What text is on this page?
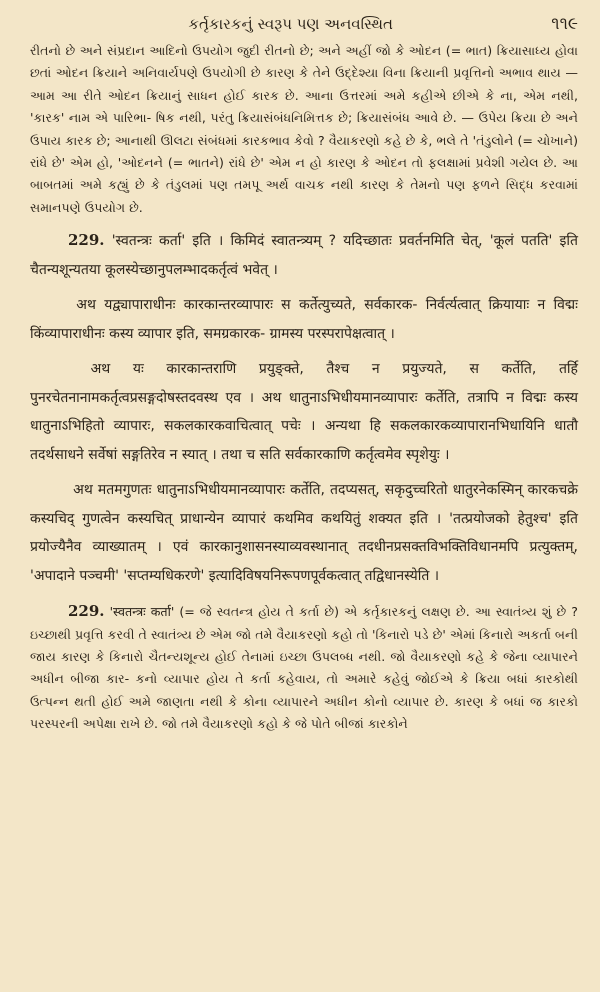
કર્તૃકારકનું સ્વરૂપ પણ અનવસ્થિત	૧૧૯

રીતનો છે અને સંપ્રદાન આદિનો ઉપયોગ જુદી રીતનો છે; અને અહીં જો કે ઓદન (= ભાત) ક્રિયાસાધ્ય હોવા છતાં ઓદન ક્રિયાને અનિવાર્યપણે ઉપયોગી છે કારણ કે તેને ઉદ્દેશ્યા વિના ક્રિયાની પ્રવૃત્તિનો અભાવ થાય — આમ આ રીતે ઓદન ક્રિયાનું સાધન હોઈ કારક છે. આના ઉત્તરમાં અમે કહીએ છીએ કે ના, એમ નથી, 'કારક' નામ એ પારિભા- ષિક નથી, પરંતુ ક્રિયાસંબંધનિમિત્તક છે; ક્રિયાસંબંધ આવે છે. — ઉપેય ક્રિયા છે અને ઉપાય કારક છે; આનાથી ઊલટા સંબંધમાં કારકભાવ કેવો ? વૈયાકરણો કહે છે કે, ભલે તે 'તંડુલોને (= ચોખાને) રાંધે છે' એમ હો, 'ઓદનને (= ભાતને) રાંધે છે' એમ ન હો કારણ કે ઓદન તો ફલક્ષામાં પ્રવેશી ગયેલ છે. આ બાબતમાં અમે કહ્યું છે કે તંડુલમાં પણ તમપૂ અર્થ વાચક નથી કારણ કે તેમનો પણ ફળને સિદ્ધ કરવામાં સમાનપણે ઉપયોગ છે.

229. 'स्वतन्त्रः कर्ता' इति । किमिदं स्वातन्त्र्यम् ? यदिच्छातः प्रवर्तनमिति चेत्, 'कूलं पतति' इति चैतन्यशून्यतया कूलस्येच्छानुपलम्भादकर्तृत्वं भवेत् ।

अथ यद्व्यापाराधीनः कारकान्तरव्यापारः स कर्तेत्युच्यते, सर्वकारक- निर्वर्त्यत्वात् क्रियायाः न विद्मः किंव्यापाराधीनः कस्य व्यापार इति, समग्रकारक- ग्रामस्य परस्परापेक्षत्वात् ।

अथ यः कारकान्तराणि प्रयुङ्क्ते, तैश्च न प्रयुज्यते, स कर्तेति, तर्हि पुनरचेतनानामकर्तृत्वप्रसङ्गदोषस्तदवस्थ एव । अथ धातुनाऽभिधीयमानव्यापारः कर्तेति, तत्रापि न विद्मः कस्य धातुनाऽभिहितो व्यापारः, सकलकारकवाचित्वात् पचेः । अन्यथा हि सकलकारकव्यापारानभिधायिनि धातौ तदर्थसाधने सर्वेषां सङ्गतिरेव न स्यात् । तथा च सति सर्वकारकाणि कर्तृत्वमेव स्पृशेयुः ।

अथ मतमगुणतः धातुनाऽभिधीयमानव्यापारः कर्तेति, तदप्यसत्, सकृदुच्चरितो धातुरनेकस्मिन् कारकचक्रे कस्यचिद् गुणत्वेन कस्यचित् प्राधान्येन व्यापारं कथमिव कथयितुं शक्यत इति । 'तत्प्रयोजको हेतुश्च' इति प्रयोज्यैनैव व्याख्यातम् । एवं कारकानुशासनस्याव्यवस्थानात् तदधीनप्रसक्तविभक्तिविधानमपि प्रत्युक्तम्, 'अपादाने पञ्चमी' 'सप्तम्यधिकरणे' इत्यादिविषयनिरूपणपूर्वकत्वात् तद्विधानस्येति ।

229. 'स्वतन्त्रः कर्ता' (= જે સ્વતન્ત્ર હોય તે કર્તા છે) એ કર્તૃકારકનું લક્ષણ છે. આ સ્વાતંત્ર્ય શું છે ? ઇચ્છાથી પ્રવૃત્તિ કરવી તે સ્વાતંત્ર્ય છે એમ જો તમે વૈયાકરણો કહો તો 'કિનારો પડે છે' એમાં કિનારો અકર્તા બની જાય કારણ કે કિનારો ચૈતન્યશૂન્ય હોઈ તેનામાં ઇચ્છા ઉપલબ્ધ નથી. જો વૈયાકરણો કહે કે જેના વ્યાપારને અધીન બીજા કાર- કનો વ્યાપાર હોય તે કર્તા કહેવાય, તો અમારે કહેવું જોઈએ કે ક્રિયા બધાં કારકોથી ઉત્પન્ન થતી હોઈ અમે જાણતા નથી કે કોના વ્યાપારને અધીન કોનો વ્યાપાર છે. કારણ કે બધાં જ કારકો પરસ્પરની અપેક્ષા રાખે છે. જો તમે વૈયાકરણો કહો કે જે પોતે બીજાં કારકોને
